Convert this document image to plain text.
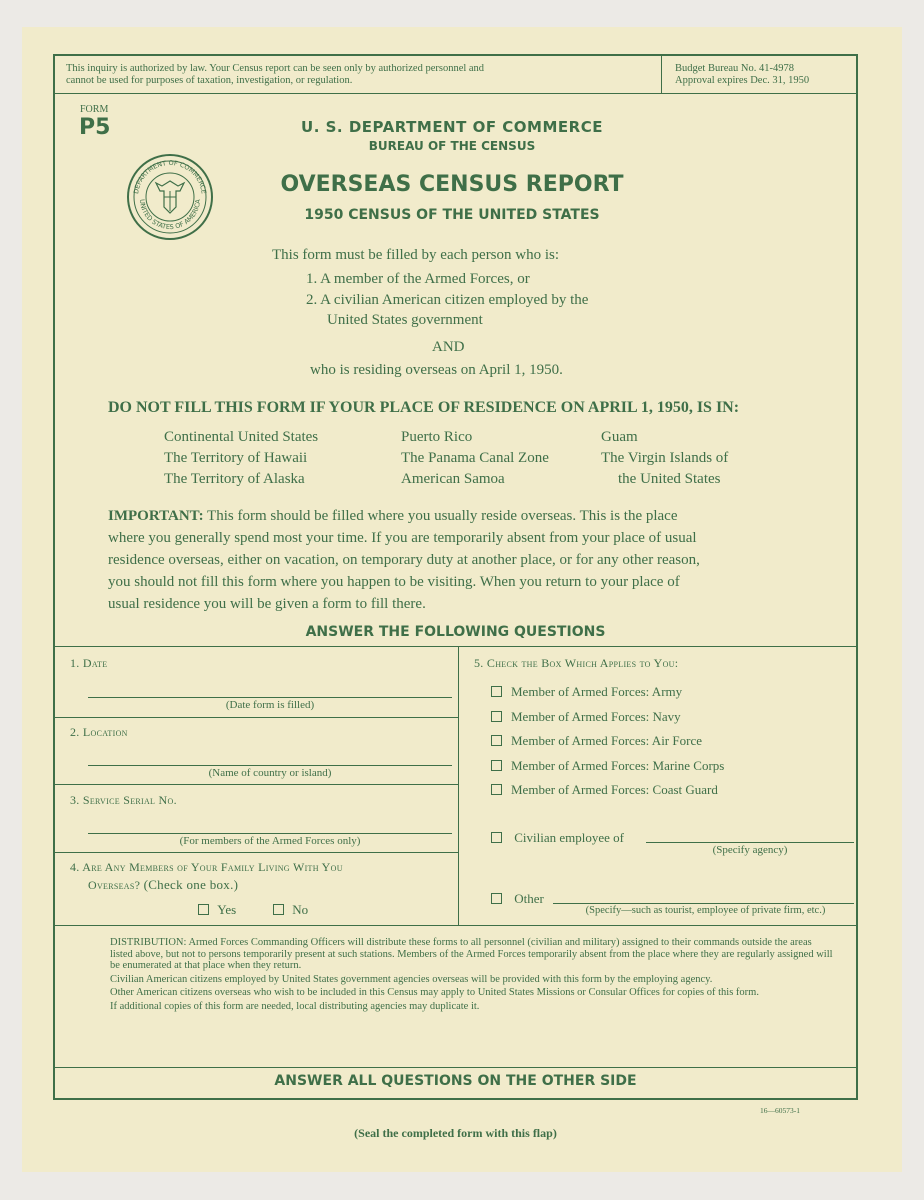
This inquiry is authorized by law. Your Census report can be seen only by authorized personnel and
cannot be used for purposes of taxation, investigation, or regulation.
Budget Bureau No. 41-4978
Approval expires Dec. 31, 1950
FORM
P5
DEPARTMENT OF COMMERCE
UNITED STATES OF AMERICA
U. S. DEPARTMENT OF COMMERCE
BUREAU OF THE CENSUS
OVERSEAS CENSUS REPORT
1950 CENSUS OF THE UNITED STATES
This form must be filled by each person who is:
1. A member of the Armed Forces, or
2. A civilian American citizen employed by the
United States government
AND
who is residing overseas on April 1, 1950.
DO NOT FILL THIS FORM IF YOUR PLACE OF RESIDENCE ON APRIL 1, 1950, IS IN:
Continental United States
The Territory of Hawaii
The Territory of Alaska
Puerto Rico
The Panama Canal Zone
American Samoa
Guam
The Virgin Islands of
the United States
IMPORTANT: This form should be filled where you usually reside overseas. This is the place
where you generally spend most your time. If you are temporarily absent from your place of usual
residence overseas, either on vacation, on temporary duty at another place, or for any other reason,
you should not fill this form where you happen to be visiting. When you return to your place of
usual residence you will be given a form to fill there.
ANSWER THE FOLLOWING QUESTIONS
1. Date
(Date form is filled)
2. Location
(Name of country or island)
3. Service Serial No.
(For members of the Armed Forces only)
4. Are Any Members of Your Family Living With You
Overseas? (Check one box.)
Yes	No
5. Check the Box Which Applies to You:
Member of Armed Forces: Army
Member of Armed Forces: Navy
Member of Armed Forces: Air Force
Member of Armed Forces: Marine Corps
Member of Armed Forces: Coast Guard
Civilian employee of
(Specify agency)
Other
(Specify—such as tourist, employee of private firm, etc.)

DISTRIBUTION: Armed Forces Commanding Officers will distribute these forms to all personnel (civilian and military) assigned to their commands outside the areas listed above, but not to persons temporarily present at such stations. Members of the Armed Forces temporarily absent from the place where they are regularly assigned will be enumerated at that place when they return.

Civilian American citizens employed by United States government agencies overseas will be provided with this form by the employing agency.

Other American citizens overseas who wish to be included in this Census may apply to United States Missions or Consular Offices for copies of this form.

If additional copies of this form are needed, local distributing agencies may duplicate it.

ANSWER ALL QUESTIONS ON THE OTHER SIDE
16—60573-1
(Seal the completed form with this flap)
